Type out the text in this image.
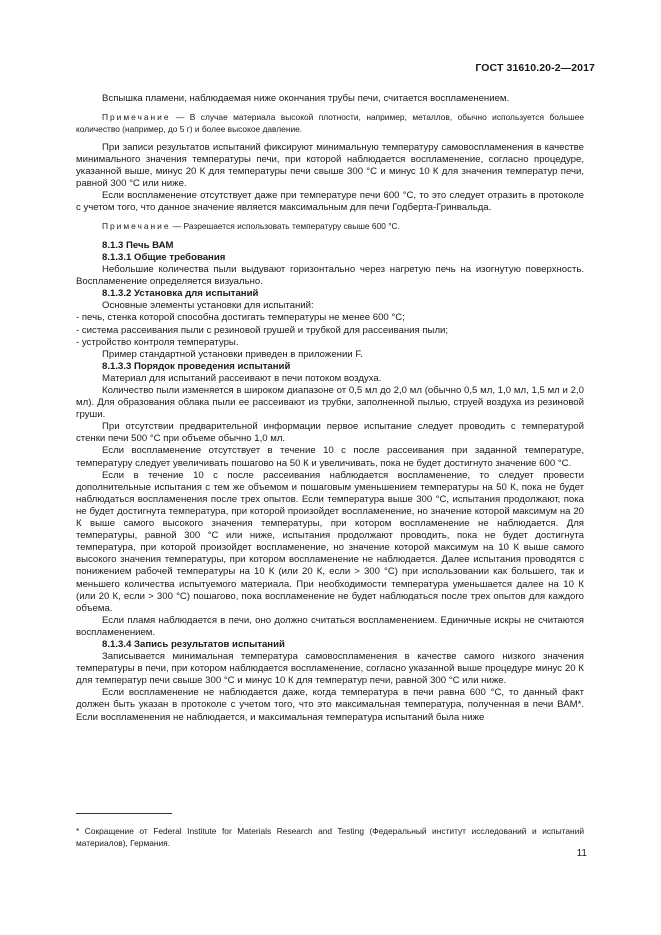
ГОСТ 31610.20-2—2017

Вспышка пламени, наблюдаемая ниже окончания трубы печи, считается воспламенением.

Примечание — В случае материала высокой плотности, например, металлов, обычно используется большее количество (например, до 5 г) и более высокое давление.

При записи результатов испытаний фиксируют минимальную температуру самовоспламенения в качестве минимального значения температуры печи, при которой наблюдается воспламенение, согласно процедуре, указанной выше, минус 20 К для температуры печи свыше 300 °С и минус 10 К для значения температур печи, равной 300 °С или ниже.

Если воспламенение отсутствует даже при температуре печи 600 °С, то это следует отразить в протоколе с учетом того, что данное значение является максимальным для печи Годберта-Гринвальда.

Примечание — Разрешается использовать температуру свыше 600 °С.

8.1.3 Печь ВАМ

8.1.3.1 Общие требования

Небольшие количества пыли выдувают горизонтально через нагретую печь на изогнутую поверхность. Воспламенение определяется визуально.

8.1.3.2 Установка для испытаний

Основные элементы установки для испытаний:

- печь, стенка которой способна достигать температуры не менее 600 °С;

- система рассеивания пыли с резиновой грушей и трубкой для рассеивания пыли;

- устройство контроля температуры.

Пример стандартной установки приведен в приложении F.

8.1.3.3 Порядок проведения испытаний

Материал для испытаний рассеивают в печи потоком воздуха.

Количество пыли изменяется в широком диапазоне от 0,5 мл до 2,0 мл (обычно 0,5 мл, 1,0 мл, 1,5 мл и 2,0 мл). Для образования облака пыли ее рассеивают из трубки, заполненной пылью, струей воздуха из резиновой груши.

При отсутствии предварительной информации первое испытание следует проводить с температурой стенки печи 500 °С при объеме обычно 1,0 мл.

Если воспламенение отсутствует в течение 10 с после рассеивания при заданной температуре, температуру следует увеличивать пошагово на 50 К и увеличивать, пока не будет достигнуто значение 600 °С.

Если в течение 10 с после рассеивания наблюдается воспламенение, то следует провести дополнительные испытания с тем же объемом и пошаговым уменьшением температуры на 50 К, пока не будет наблюдаться воспламенения после трех опытов. Если температура выше 300 °С, испытания продолжают, пока не будет достигнута температура, при которой произойдет воспламенение, но значение которой максимум на 20 К выше самого высокого значения температуры, при котором воспламенение не наблюдается. Для температуры, равной 300 °С или ниже, испытания продолжают проводить, пока не будет достигнута температура, при которой произойдет воспламенение, но значение которой максимум на 10 К выше самого высокого значения температуры, при котором воспламенение не наблюдается. Далее испытания проводятся с понижением рабочей температуры на 10 К (или 20 К, если > 300 °С) при использовании как большего, так и меньшего количества испытуемого материала. При необходимости температура уменьшается далее на 10 К (или 20 К, если > 300 °С) пошагово, пока воспламенение не будет наблюдаться после трех опытов для каждого объема.

Если пламя наблюдается в печи, оно должно считаться воспламенением. Единичные искры не считаются воспламенением.

8.1.3.4 Запись результатов испытаний

Записывается минимальная температура самовоспламенения в качестве самого низкого значения температуры в печи, при котором наблюдается воспламенение, согласно указанной выше процедуре минус 20 К для температур печи свыше 300 °С и минус 10 К для температур печи, равной 300 °С или ниже.

Если воспламенение не наблюдается даже, когда температура в печи равна 600 °С, то данный факт должен быть указан в протоколе с учетом того, что это максимальная температура, полученная в печи ВАМ*. Если воспламенения не наблюдается, и максимальная температура испытаний была ниже

* Сокращение от Federal Institute for Materials Research and Testing (Федеральный институт исследований и испытаний материалов), Германия.

11
